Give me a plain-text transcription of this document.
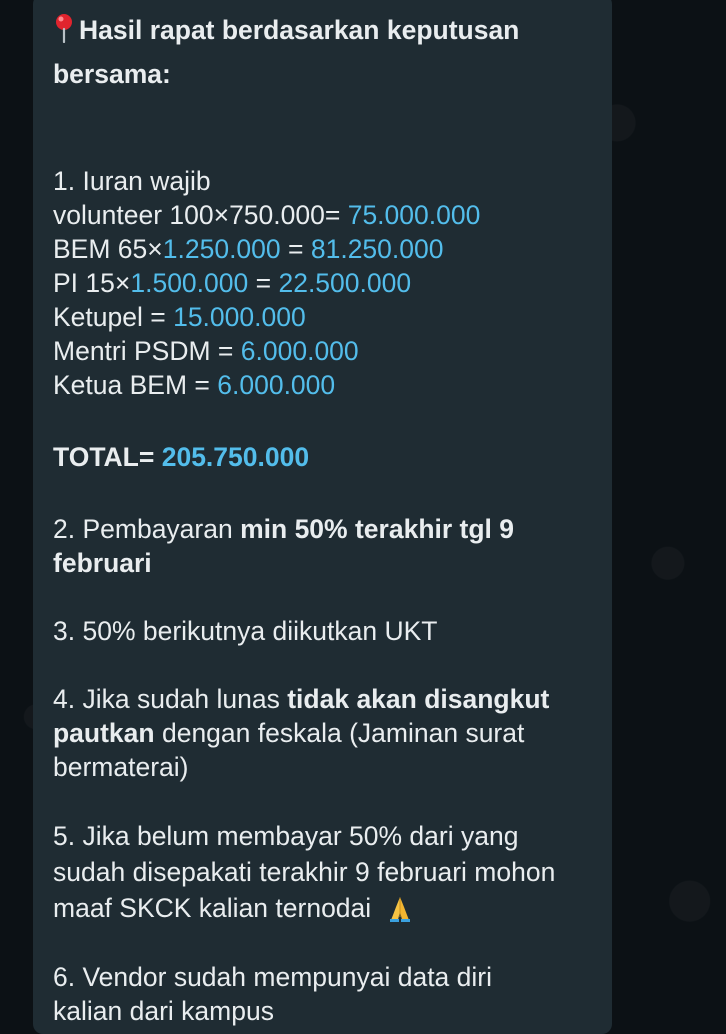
Hasil rapat berdasarkan keputusan bersama:
1. Iuran wajib
volunteer 100×750.000= 75.000.000
BEM 65×1.250.000 = 81.250.000
PI 15×1.500.000 = 22.500.000
Ketupel = 15.000.000
Mentri PSDM = 6.000.000
Ketua BEM = 6.000.000
TOTAL= 205.750.000
2. Pembayaran min 50% terakhir tgl 9 februari
3. 50% berikutnya diikutkan UKT
4. Jika sudah lunas tidak akan disangkut pautkan dengan feskala (Jaminan surat bermaterai)
5. Jika belum membayar 50% dari yang sudah disepakati terakhir 9 februari mohon maaf SKCK kalian ternodai
6. Vendor sudah mempunyai data diri kalian dari kampus
